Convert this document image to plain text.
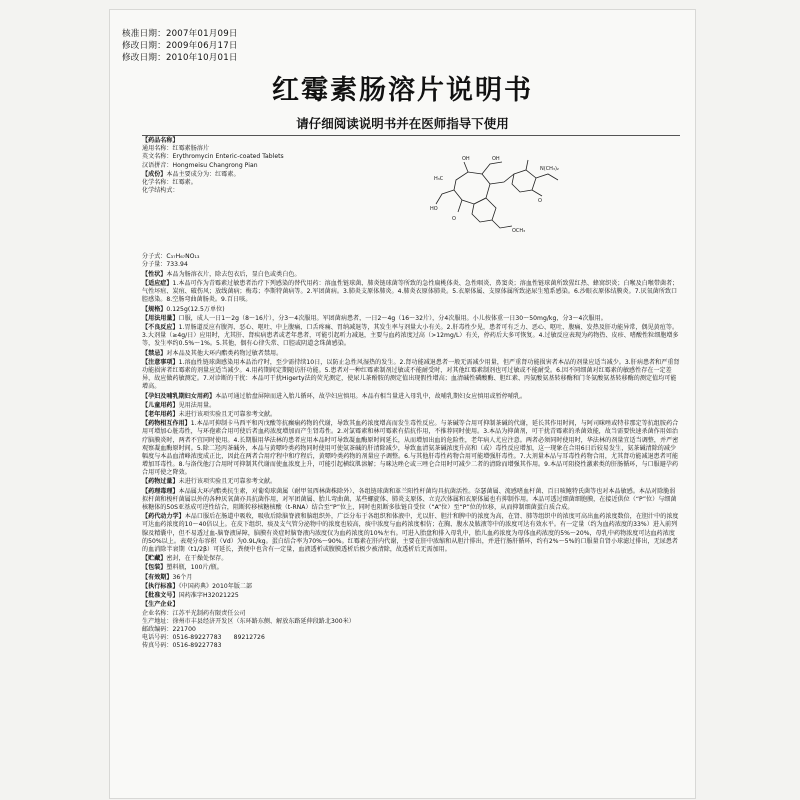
核准日期：2007年01月09日
修改日期：2009年06月17日
修改日期：2010年10月01日
红霉素肠溶片说明书
请仔细阅读说明书并在医师指导下使用
H₃C
OH
OH
N(CH₃)₂
O
OCH₃
HO
O

【药品名称】

通用名称：红霉素肠溶片

英文名称：Erythromycin Enteric-coated Tablets

汉语拼音：Hongmeisu Changrong Pian

【成份】本品主要成分为：红霉素。

化学名称：红霉素。

化学结构式：

分子式：C₃₇H₆₇NO₁₃

分子量：733.94

【性状】本品为肠溶衣片，除去包衣后，显白色或类白色。

【适应症】1.本品可作为青霉素过敏患者治疗下列感染的替代用药：溶血性链球菌、肺炎链球菌等所致的急性扁桃体炎、急性咽炎、鼻窦炎；溶血性链球菌所致猩红热、蜂窝织炎；白喉及白喉带菌者；气性坏疽、炭疽、破伤风；放线菌病；梅毒；李斯特菌病等。2.军团菌病。3.肺炎支原体肺炎。4.肺炎衣原体肺炎。5.衣原体属、支原体属所致泌尿生殖系感染。6.沙眼衣原体结膜炎。7.厌氧菌所致口腔感染。8.空肠弯曲菌肠炎。9.百日咳。

【规格】0.125g(12.5万单位)

【用法用量】口服，成人一日1～2g（8～16片），分3～4次服用。军团菌病患者，一日2～4g（16～32片），分4次服用。小儿按体重一日30～50mg/kg，分3～4次服用。

【不良反应】1.胃肠道反应有腹泻、恶心、呕吐、中上腹痛、口舌疼痛、胃纳减退等，其发生率与剂量大小有关。2.肝毒性少见，患者可有乏力、恶心、呕吐、腹痛、发热及肝功能异常，偶见黄疸等。3.大剂量（≥4g/日）应用时，尤其肝、肾疾病患者或老年患者，可能引起听力减退，主要与血药浓度过高（>12mg/L）有关，停药后大多可恢复。4.过敏反应表现为药物热、皮疹、嗜酸性粒细胞增多等，发生率约0.5%～1%。5.其他，偶有心律失常、口腔或阴道念珠菌感染。

【禁忌】对本品及其他大环内酯类药物过敏者禁用。

【注意事项】1.溶血性链球菌感染用本品治疗时，至少需持续10日，以防止急性风湿热的发生。2.肾功能减退患者一般无需减少用量，但严重肾功能损害者本品的剂量应适当减少。3.肝病患者和严重肾功能损害者红霉素的剂量应适当减少。4.用药期间定期随访肝功能。5.患者对一种红霉素制剂过敏或不能耐受时，对其他红霉素制剂也可过敏或不能耐受。6.因不同细菌对红霉素的敏感性存在一定差异，故应做药敏测定。7.对诊断的干扰：本品可干扰Higerty法的荧光测定，使尿儿茶酚胺的测定值出现假性增高；血清碱性磷酸酶、胆红素、丙氨酸氨基转移酶和门冬氨酸氨基转移酶的测定值均可能增高。

【孕妇及哺乳期妇女用药】本品可通过胎盘屏障而进入胎儿循环，故孕妇应慎用。本品有相当量进入母乳中，故哺乳期妇女应慎用或暂停哺乳。

【儿童用药】见用法用量。

【老年用药】未进行该项实验且无可靠参考文献。

【药物相互作用】1.本品可抑制卡马西平和丙戊酸等抗癫痫药物的代谢，导致其血药浓度增高而发生毒性反应。与茶碱等合用可抑制茶碱的代谢，延长其作用时间，与阿司咪唑或特非那定等抗组胺药合用可增加心脏毒性，与环孢素合用可使后者血药浓度增加而产生肾毒性。2.对氯霉素和林可霉素有拮抗作用，不推荐同时使用。3.本品为抑菌剂，可干扰青霉素的杀菌效能，故当需要快速杀菌作用如治疗脑膜炎时，两者不宜同时使用。4.长期服用华法林的患者应用本品时可导致凝血酶原时间延长，从而增加出血的危险性，老年病人尤应注意。两者必须同时使用时，华法林的剂量宜适当调整，并严密观察凝血酶原时间。5.除二羟丙茶碱外，本品与黄嘌呤类药物同时使用可使氨茶碱的肝清除减少，导致血清氨茶碱浓度升高和（或）毒性反应增加，这一现象在合用6日后较易发生，氨茶碱清除的减少幅度与本品血清峰浓度成正比，因此在两者合用疗程中和疗程后，黄嘌呤类药物的剂量应予调整。6.与其他肝毒性药物合用可能增强肝毒性。7.大剂量本品与耳毒性药物合用，尤其肾功能减退患者可能增加耳毒性。8.与洛伐他汀合用时可抑制其代谢而使血浓度上升，可能引起横纹肌溶解；与咪达唑仑或三唑仑合用时可减少二者的清除而增强其作用。9.本品可阻挠性激素类的肝肠循环，与口服避孕药合用可使之降效。

【药物过量】未进行该项实验且无可靠参考文献。

【药理毒理】本品属大环内酯类抗生素，对葡萄球菌属（耐甲氧西林菌株除外）、各组链球菌和革兰阳性杆菌均具抗菌活性。奈瑟菌属、流感嗜血杆菌、百日咳鲍特氏菌等也对本品敏感。本品对除脆弱拟杆菌和梭杆菌属以外的各种厌氧菌亦具抗菌作用，对军团菌属、胎儿弯曲菌、某些螺旋体、肺炎支原体、立克次体属和衣原体属也有抑制作用。本品可透过细菌细胞膜，在接近供位（“P”位）与细菌核糖体的50S亚基成可逆性结合，阻断转移核糖核酸（t-RNA）结合至“P”位上，同时也阻断多肽链自受位（“A”位）至“P”位的位移，从而抑制细菌蛋白质合成。

【药代动力学】本品口服后在肠道中吸收，吸收后除脑脊液和脑组织外，广泛分布于各组织和体液中，尤以肝、胆汁和脾中的浓度为高，在肾、肺等组织中的浓度可高出血药浓度数倍，在胆汁中的浓度可达血药浓度的10～40倍以上。在皮下组织、痰及支气管分泌物中的浓度也较高，痰中浓度与血药浓度相仿；在胸、腹水及脓液等中的浓度可达有效水平。有一定量（约为血药浓度的33%）进入前列腺及精囊中，但不易透过血-脑脊液屏障，脑膜有炎症时脑脊液内浓度仅为血药浓度的10%左右。可进入胎盘和排入母乳中，胎儿血药浓度为母体血药浓度的5%～20%，母乳中药物浓度可达血药浓度的50%以上。表观分布容积（Vd）为0.9L/kg。蛋白结合率为70%～90%。红霉素在肝内代谢，主要在肝中浓缩和从胆汁排出，并进行肠肝循环，约有2%～5%的口服量自肾小球滤过排出，无尿患者的血消除半衰期（t1/2β）可延长，粪便中也含有一定量，血液透析或腹膜透析后极少被清除，故透析后无需加用。

【贮藏】密封，在干燥处保存。

【包装】塑料瓶，100片/瓶。

【有效期】36个月

【执行标准】《中国药典》2010年版二部

【批准文号】国药准字H32021225

【生产企业】

企业名称：江苏平光制药有限责任公司

生产地址：徐州市丰县经济开发区（东环路东侧、解放东路延伸段路北300米）

邮政编码：221700

电话号码：0516-89227783　　89212726

传真号码：0516-89227783
